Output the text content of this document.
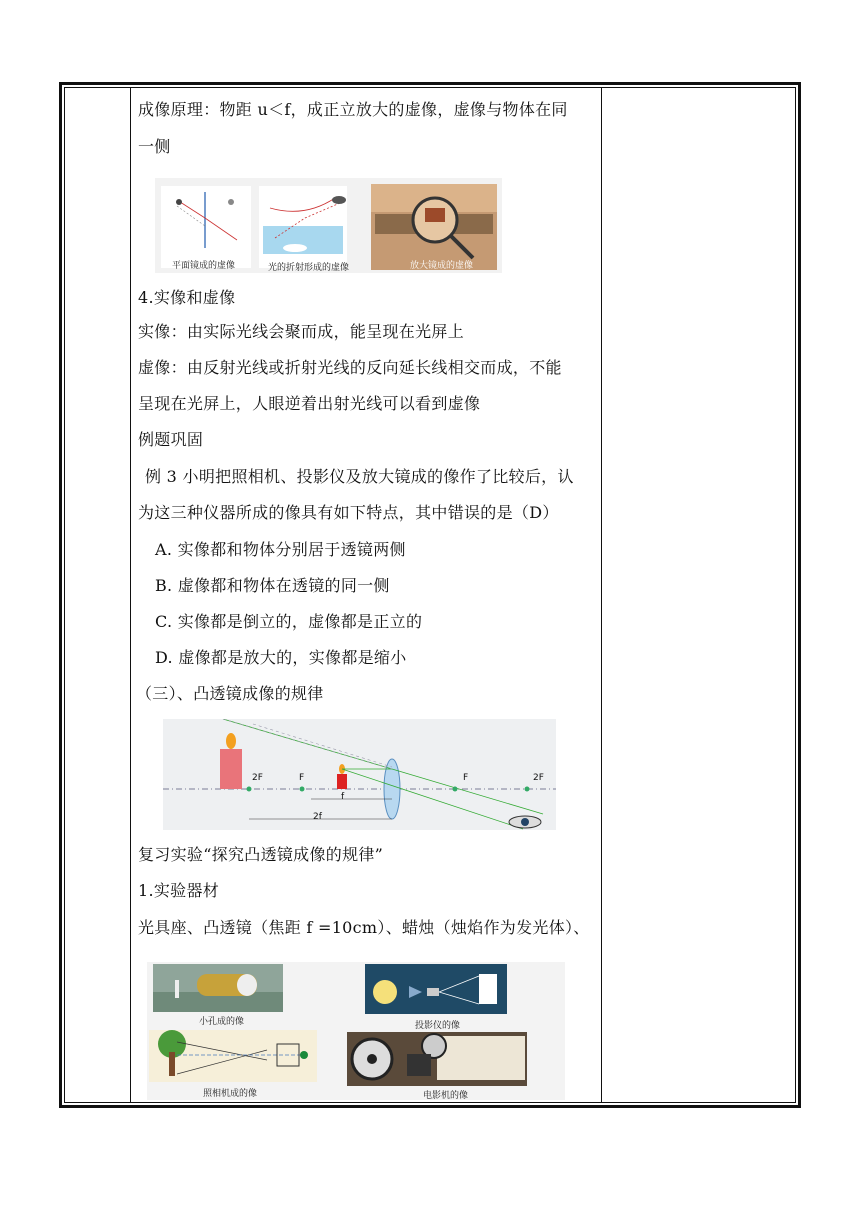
成像原理：物距 u＜f，成正立放大的虚像，虚像与物体在同
一侧
平面镜成的虚像	光的折射形成的虚像	放大镜成的虚像
4.实像和虚像
实像：由实际光线会聚而成，能呈现在光屏上
虚像：由反射光线或折射光线的反向延长线相交而成，不能
呈现在光屏上，人眼逆着出射光线可以看到虚像
例题巩固
例 3 小明把照相机、投影仪及放大镜成的像作了比较后，认
为这三种仪器所成的像具有如下特点，其中错误的是（D）
A. 实像都和物体分别居于透镜两侧
B. 虚像都和物体在透镜的同一侧
C. 实像都是倒立的，虚像都是正立的
D. 虚像都是放大的，实像都是缩小
（三）、凸透镜成像的规律
2F	F
f
F	2F
2f
复习实验“探究凸透镜成像的规律”
1.实验器材
光具座、凸透镜（焦距 f =10cm）、蜡烛（烛焰作为发光体）、
小孔成的像	投影仪的像
照相机成的像	电影机的像
